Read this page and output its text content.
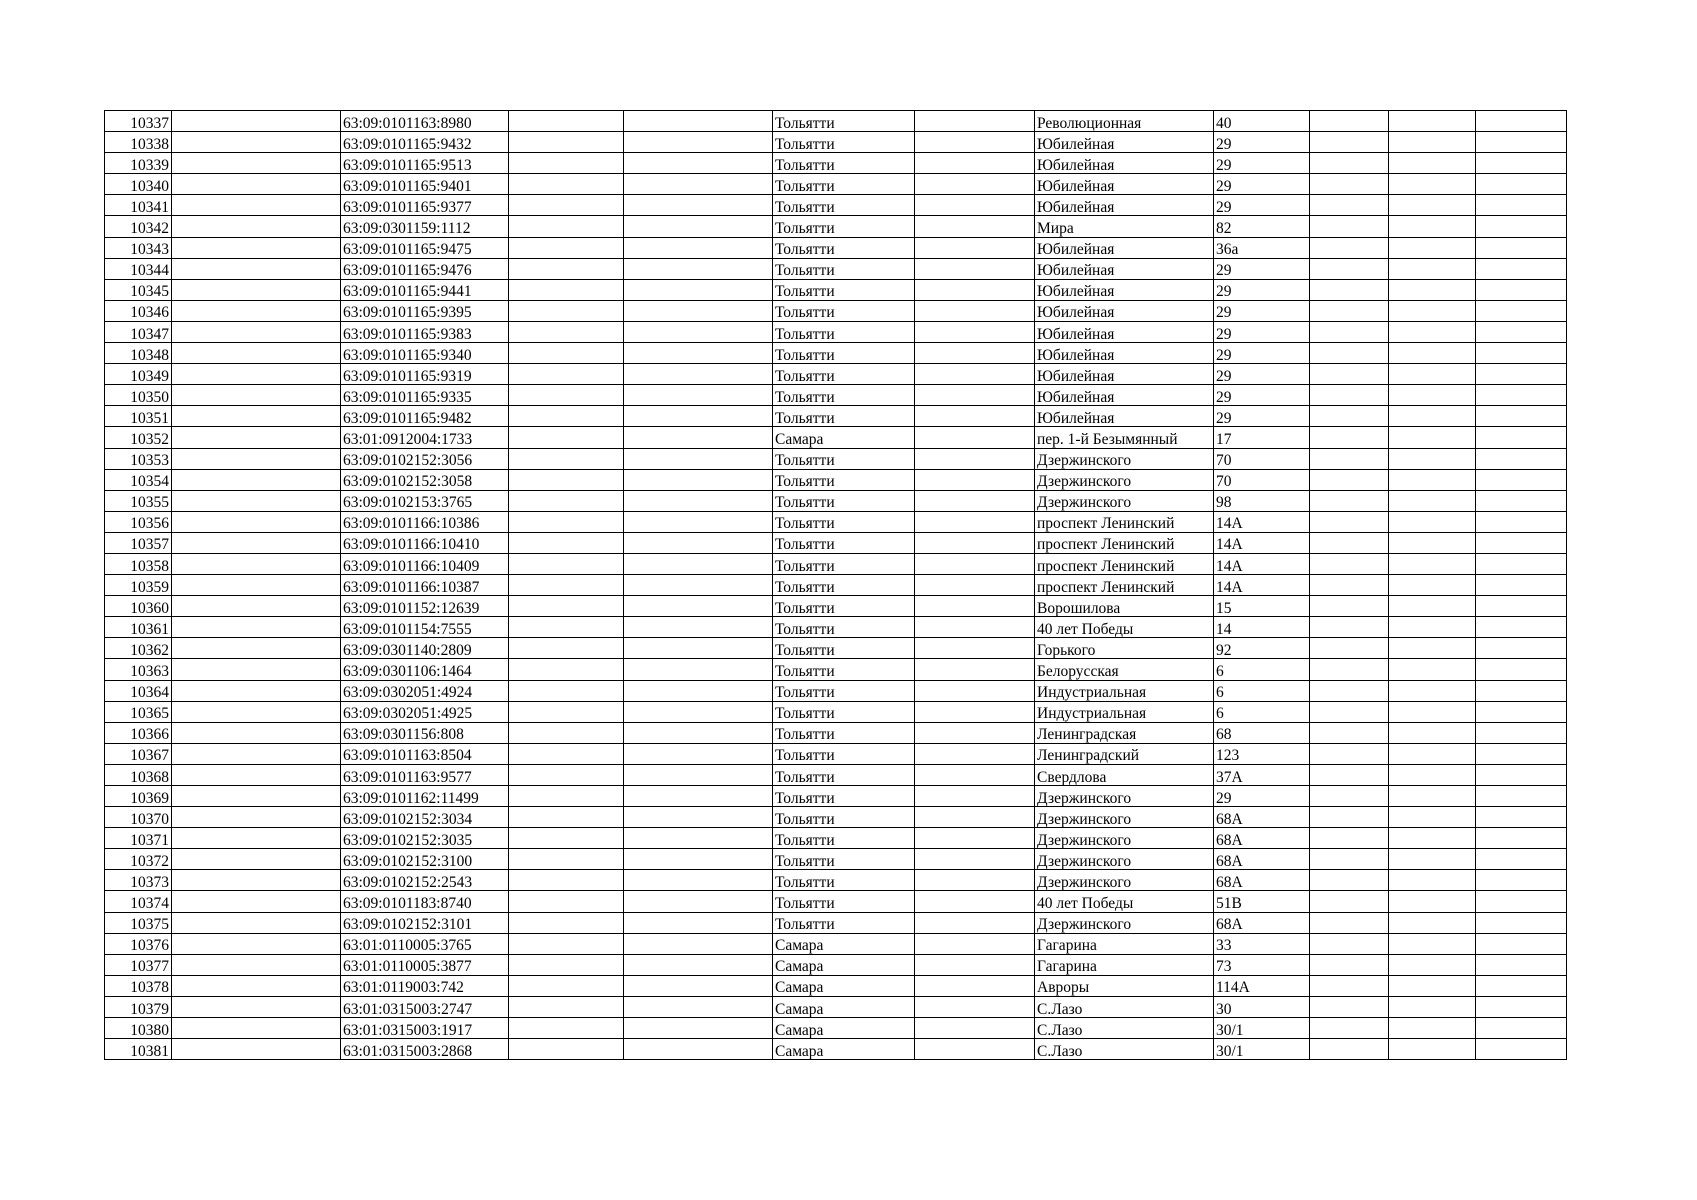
10337		63:09:0101163:8980			Тольятти		Революционная	40			
10338		63:09:0101165:9432			Тольятти		Юбилейная	29			
10339		63:09:0101165:9513			Тольятти		Юбилейная	29			
10340		63:09:0101165:9401			Тольятти		Юбилейная	29			
10341		63:09:0101165:9377			Тольятти		Юбилейная	29			
10342		63:09:0301159:1112			Тольятти		Мира	82			
10343		63:09:0101165:9475			Тольятти		Юбилейная	36а			
10344		63:09:0101165:9476			Тольятти		Юбилейная	29			
10345		63:09:0101165:9441			Тольятти		Юбилейная	29			
10346		63:09:0101165:9395			Тольятти		Юбилейная	29			
10347		63:09:0101165:9383			Тольятти		Юбилейная	29			
10348		63:09:0101165:9340			Тольятти		Юбилейная	29			
10349		63:09:0101165:9319			Тольятти		Юбилейная	29			
10350		63:09:0101165:9335			Тольятти		Юбилейная	29			
10351		63:09:0101165:9482			Тольятти		Юбилейная	29			
10352		63:01:0912004:1733			Самара		пер. 1-й Безымянный	17			
10353		63:09:0102152:3056			Тольятти		Дзержинского	70			
10354		63:09:0102152:3058			Тольятти		Дзержинского	70			
10355		63:09:0102153:3765			Тольятти		Дзержинского	98			
10356		63:09:0101166:10386			Тольятти		проспект Ленинский	14А			
10357		63:09:0101166:10410			Тольятти		проспект Ленинский	14А			
10358		63:09:0101166:10409			Тольятти		проспект Ленинский	14А			
10359		63:09:0101166:10387			Тольятти		проспект Ленинский	14А			
10360		63:09:0101152:12639			Тольятти		Ворошилова	15			
10361		63:09:0101154:7555			Тольятти		40 лет Победы	14			
10362		63:09:0301140:2809			Тольятти		Горького	92			
10363		63:09:0301106:1464			Тольятти		Белорусская	6			
10364		63:09:0302051:4924			Тольятти		Индустриальная	6			
10365		63:09:0302051:4925			Тольятти		Индустриальная	6			
10366		63:09:0301156:808			Тольятти		Ленинградская	68			
10367		63:09:0101163:8504			Тольятти		Ленинградский	123			
10368		63:09:0101163:9577			Тольятти		Свердлова	37А			
10369		63:09:0101162:11499			Тольятти		Дзержинского	29			
10370		63:09:0102152:3034			Тольятти		Дзержинского	68А			
10371		63:09:0102152:3035			Тольятти		Дзержинского	68А			
10372		63:09:0102152:3100			Тольятти		Дзержинского	68А			
10373		63:09:0102152:2543			Тольятти		Дзержинского	68А			
10374		63:09:0101183:8740			Тольятти		40 лет Победы	51В			
10375		63:09:0102152:3101			Тольятти		Дзержинского	68А			
10376		63:01:0110005:3765			Самара		Гагарина	33			
10377		63:01:0110005:3877			Самара		Гагарина	73			
10378		63:01:0119003:742			Самара		Авроры	114А			
10379		63:01:0315003:2747			Самара		С.Лазо	30			
10380		63:01:0315003:1917			Самара		С.Лазо	30/1			
10381		63:01:0315003:2868			Самара		С.Лазо	30/1			
